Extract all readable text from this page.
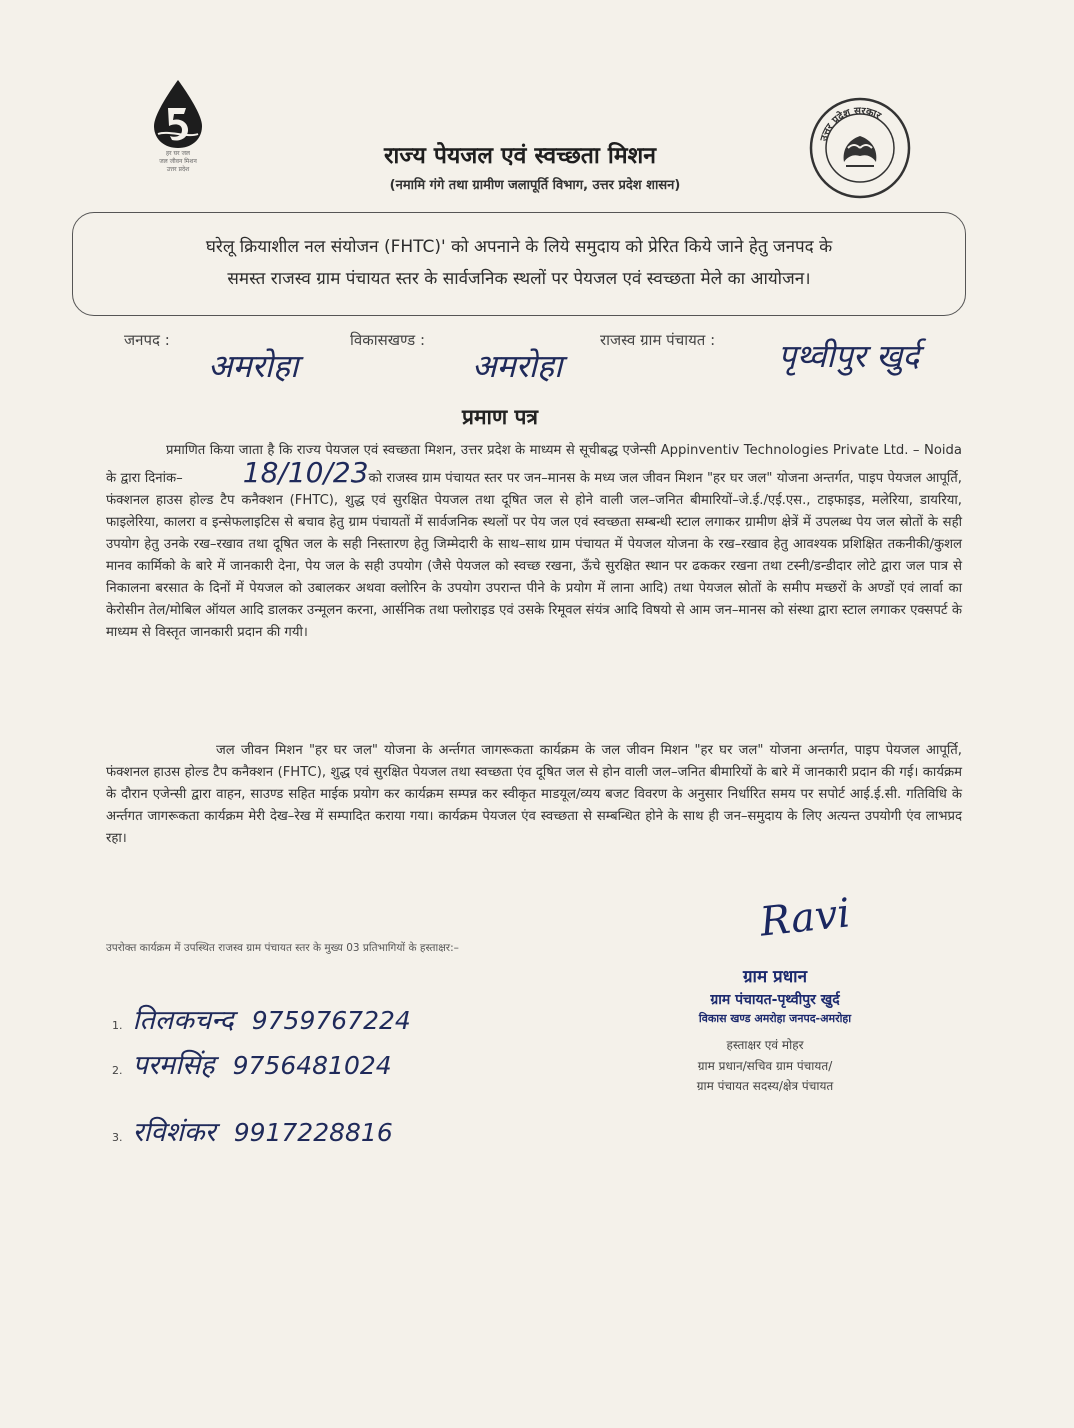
हर घर जल
जल जीवन मिशन
उत्तर प्रदेश
उत्तर प्रदेश सरकार
राज्य पेयजल एवं स्वच्छता मिशन
(नमामि गंगे तथा ग्रामीण जलापूर्ति विभाग, उत्तर प्रदेश शासन)
घरेलू क्रियाशील नल संयोजन (FHTC)' को अपनाने के लिये समुदाय को प्रेरित किये जाने हेतु जनपद के
समस्त राजस्व ग्राम पंचायत स्तर के सार्वजनिक स्थलों पर पेयजल एवं स्वच्छता मेले का आयोजन।
जनपद :
अमरोहा
विकासखण्ड :
अमरोहा
राजस्व ग्राम पंचायत : पृथ्वीपुर खुर्द
प्रमाण पत्र
प्रमाणित किया जाता है कि राज्य पेयजल एवं स्वच्छता मिशन, उत्तर प्रदेश के माध्यम से सूचीबद्ध एजेन्सी Appinventiv Technologies Private Ltd. – Noida के द्वारा दिनांक– 18/10/23को राजस्व ग्राम पंचायत स्तर पर जन–मानस के मध्य जल जीवन मिशन "हर घर जल" योजना अन्तर्गत, पाइप पेयजल आपूर्ति, फंक्शनल हाउस होल्ड टैप कनैक्शन (FHTC), शुद्ध एवं सुरक्षित पेयजल तथा दूषित जल से होने वाली जल–जनित बीमारियों–जे.ई./एई.एस., टाइफाइड, मलेरिया, डायरिया, फाइलेरिया, कालरा व इन्सेफलाइटिस से बचाव हेतु ग्राम पंचायतों में सार्वजनिक स्थलों पर पेय जल एवं स्वच्छता सम्बन्धी स्टाल लगाकर ग्रामीण क्षेत्रें में उपलब्ध पेय जल स्रोतों के सही उपयोग हेतु उनके रख–रखाव तथा दूषित जल के सही निस्तारण हेतु जिम्मेदारी के साथ–साथ ग्राम पंचायत में पेयजल योजना के रख–रखाव हेतु आवश्यक प्रशिक्षित तकनीकी/कुशल मानव कार्मिको के बारे में जानकारी देना, पेय जल के सही उपयोग (जैसे पेयजल को स्वच्छ रखना, ऊँचे सुरक्षित स्थान पर ढककर रखना तथा टस्नी/डन्डीदार लोटे द्वारा जल पात्र से निकालना बरसात के दिनों में पेयजल को उबालकर अथवा क्लोरिन के उपयोग उपरान्त पीने के प्रयोग में लाना आदि) तथा पेयजल स्रोतों के समीप मच्छरों के अण्डों एवं लार्वा का केरोसीन तेल/मोबिल ऑयल आदि डालकर उन्मूलन करना, आर्सनिक तथा फ्लोराइड एवं उसके रिमूवल संयंत्र आदि विषयो से आम जन–मानस को संस्था द्वारा स्टाल लगाकर एक्सपर्ट के माध्यम से विस्तृत जानकारी प्रदान की गयी।
जल जीवन मिशन "हर घर जल" योजना के अर्न्तगत जागरूकता कार्यक्रम के जल जीवन मिशन "हर घर जल" योजना अन्तर्गत, पाइप पेयजल आपूर्ति, फंक्शनल हाउस होल्ड टैप कनैक्शन (FHTC), शुद्ध एवं सुरक्षित पेयजल तथा स्वच्छता एंव दूषित जल से होन वाली जल–जनित बीमारियों के बारे में जानकारी प्रदान की गई। कार्यक्रम के दौरान एजेन्सी द्वारा वाहन, साउण्ड सहित माईक प्रयोग कर कार्यक्रम सम्पन्न कर स्वीकृत माडयूल/व्यय बजट विवरण के अनुसार निर्धारित समय पर सपोर्ट आई.ई.सी. गतिविधि के अर्न्तगत जागरूकता कार्यक्रम मेरी देख–रेख में सम्पादित कराया गया। कार्यक्रम पेयजल एंव स्वच्छता से सम्बन्धित होने के साथ ही जन–समुदाय के लिए अत्यन्त उपयोगी एंव लाभप्रद रहा।
उपरोक्त कार्यक्रम में उपस्थित राजस्व ग्राम पंचायत स्तर के मुख्य 03 प्रतिभागियों के हस्ताक्षर:–
1. तिलकचन्द 9759767224
2. परमसिंह 9756481024
3. रविशंकर 9917228816
Ravi
ग्राम प्रधान
ग्राम पंचायत-पृथ्वीपुर खुर्द
विकास खण्ड अमरोहा जनपद-अमरोहा
हस्ताक्षर एवं मोहर
ग्राम प्रधान/सचिव ग्राम पंचायत/
ग्राम पंचायत सदस्य/क्षेत्र पंचायत
